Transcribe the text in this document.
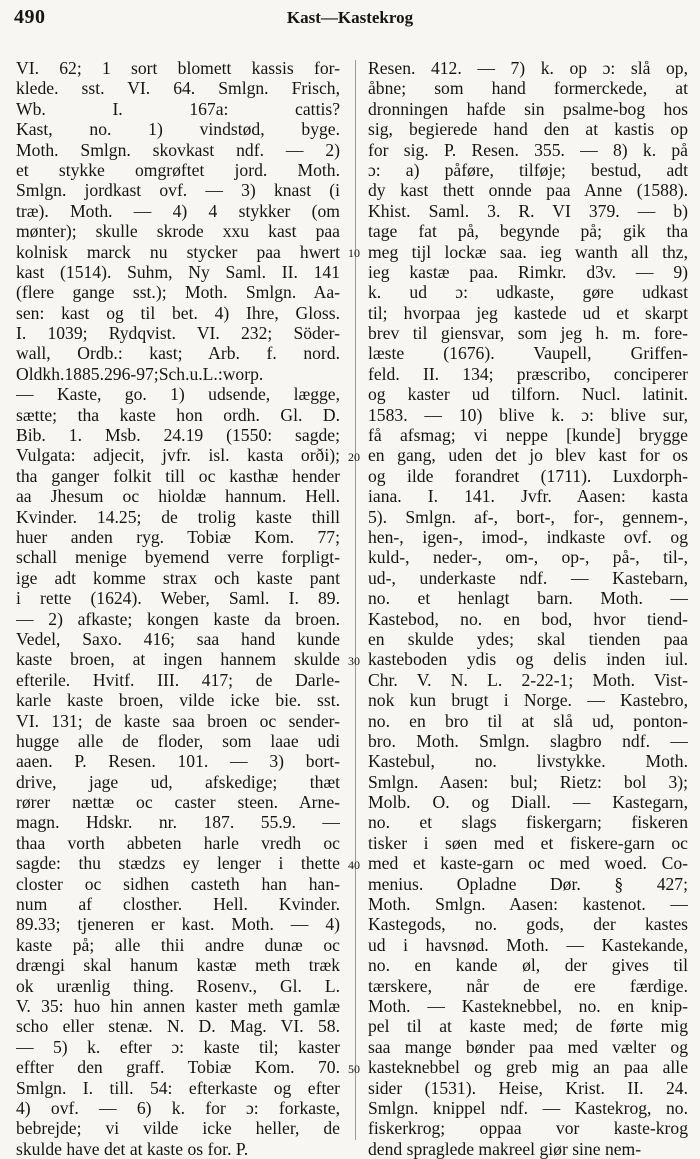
490	Kast—Kastekrog
VI. 62; 1 sort blomett kassis for-
klede. sst. VI. 64. Smlgn. Frisch,
Wb. I. 167a: cattis?
Kast, no. 1) vindstød, byge.
Moth. Smlgn. skovkast ndf. — 2)
et stykke omgrøftet jord. Moth.
Smlgn. jordkast ovf. — 3) knast (i
træ). Moth. — 4) 4 stykker (om
mønter); skulle skrode xxu kast paa
kolnisk marck nu stycker paa hwert
kast (1514). Suhm, Ny Saml. II. 141
(flere gange sst.); Moth. Smlgn. Aa-
sen: kast og til bet. 4) Ihre, Gloss.
I. 1039; Rydqvist. VI. 232; Söder-
wall, Ordb.: kast; Arb. f. nord.
Oldkh.1885.296-97;Sch.u.L.:worp.
— Kaste, go. 1) udsende, lægge,
sætte; tha kaste hon ordh. Gl. D.
Bib. 1. Msb. 24.19 (1550: sagde;
Vulgata: adjecit, jvfr. isl. kasta orði);
tha ganger folkit till oc kasthæ hender
aa Jhesum oc hioldæ hannum. Hell.
Kvinder. 14.25; de trolig kaste thill
huer anden ryg. Tobiæ Kom. 77;
schall menige byemend verre forpligt-
ige adt komme strax och kaste pant
i rette (1624). Weber, Saml. I. 89.
— 2) afkaste; kongen kaste da broen.
Vedel, Saxo. 416; saa hand kunde
kaste broen, at ingen hannem skulde
efterile. Hvitf. III. 417; de Darle-
karle kaste broen, vilde icke bie. sst.
VI. 131; de kaste saa broen oc sender-
hugge alle de floder, som laae udi
aaen. P. Resen. 101. — 3) bort-
drive, jage ud, afskedige; thæt
rører nættæ oc caster steen. Arne-
magn. Hdskr. nr. 187. 55.9. —
thaa vorth abbeten harle vredh oc
sagde: thu stædzs ey lenger i thette
closter oc sidhen casteth han han-
num af closther. Hell. Kvinder.
89.33; tjeneren er kast. Moth. — 4)
kaste på; alle thii andre dunæ oc
drængi skal hanum kastæ meth træk
ok urænlig thing. Rosenv., Gl. L.
V. 35: huo hin annen kaster meth gamlæ
scho eller stenæ. N. D. Mag. VI. 58.
— 5) k. efter ɔ: kaste til; kaster
effter den graff. Tobiæ Kom. 70.
Smlgn. I. till. 54: efterkaste og efter
4) ovf. — 6) k. for ɔ: forkaste,
bebrejde; vi vilde icke heller, de
skulde have det at kaste os for. P.
10
20
30
40
50
Resen. 412. — 7) k. op ɔ: slå op,
åbne; som hand formerckede, at
dronningen hafde sin psalme-bog hos
sig, begierede hand den at kastis op
for sig. P. Resen. 355. — 8) k. på
ɔ: a) påføre, tilføje; bestud, adt
dy kast thett onnde paa Anne (1588).
Khist. Saml. 3. R. VI 379. — b)
tage fat på, begynde på; gik tha
meg tijl lockæ saa. ieg wanth all thz,
ieg kastæ paa. Rimkr. d3v. — 9)
k. ud ɔ: udkaste, gøre udkast
til; hvorpaa jeg kastede ud et skarpt
brev til giensvar, som jeg h. m. fore-
læste (1676). Vaupell, Griffen-
feld. II. 134; præscribo, conciperer
og kaster ud tilforn. Nucl. latinit.
1583. — 10) blive k. ɔ: blive sur,
få afsmag; vi neppe [kunde] brygge
en gang, uden det jo blev kast for os
og ilde forandret (1711). Luxdorph-
iana. I. 141. Jvfr. Aasen: kasta
5). Smlgn. af-, bort-, for-, gennem-,
hen-, igen-, imod-, indkaste ovf. og
kuld-, neder-, om-, op-, på-, til-,
ud-, underkaste ndf. — Kastebarn,
no. et henlagt barn. Moth. —
Kastebod, no. en bod, hvor tiend-
en skulde ydes; skal tienden paa
kasteboden ydis og delis inden iul.
Chr. V. N. L. 2-22-1; Moth. Vist-
nok kun brugt i Norge. — Kastebro,
no. en bro til at slå ud, ponton-
bro. Moth. Smlgn. slagbro ndf. —
Kastebul, no. livstykke. Moth.
Smlgn. Aasen: bul; Rietz: bol 3);
Molb. O. og Diall. — Kastegarn,
no. et slags fiskergarn; fiskeren
tisker i søen med et fiskere-garn oc
med et kaste-garn oc med woed. Co-
menius. Opladne Dør. § 427;
Moth. Smlgn. Aasen: kastenot. —
Kastegods, no. gods, der kastes
ud i havsnød. Moth. — Kastekande,
no. en kande øl, der gives til
tærskere, når de ere færdige.
Moth. — Kasteknebbel, no. en knip-
pel til at kaste med; de førte mig
saa mange bønder paa med vælter og
kasteknebbel og greb mig an paa alle
sider (1531). Heise, Krist. II. 24.
Smlgn. knippel ndf. — Kastekrog, no.
fiskerkrog; oppaa vor kaste-krog
dend spraglede makreel giør sine nem-
